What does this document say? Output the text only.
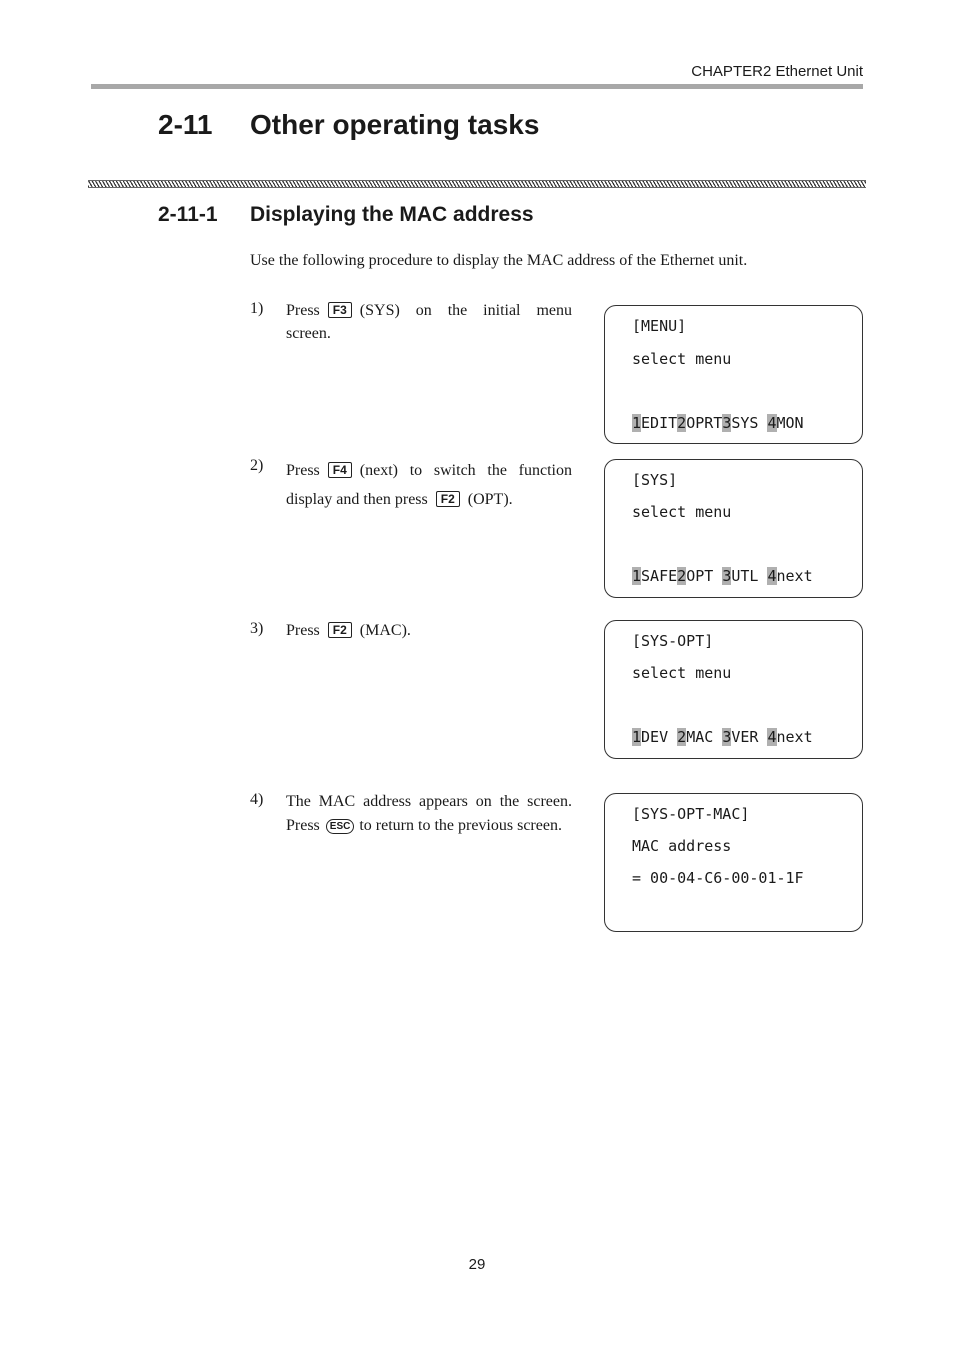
CHAPTER2 Ethernet Unit
2-11 Other operating tasks
2-11-1 Displaying the MAC address
Use the following procedure to display the MAC address of the Ethernet unit.
1) Press F3 (SYS) on the initial menu screen.	[MENU]
select menu
1EDIT2OPRT3SYS 4MON
2) Press F4 (next) to switch the function display and then press F2 (OPT).
[SYS]
select menu
1SAFE2OPT 3UTL 4next
3) Press F2 (MAC).
[SYS-OPT]
select menu
1DEV 2MAC 3VER 4next
4) The MAC address appears on the screen. Press ESC to return to the previous screen.
[SYS-OPT-MAC]
MAC address
= 00-04-C6-00-01-1F
29
